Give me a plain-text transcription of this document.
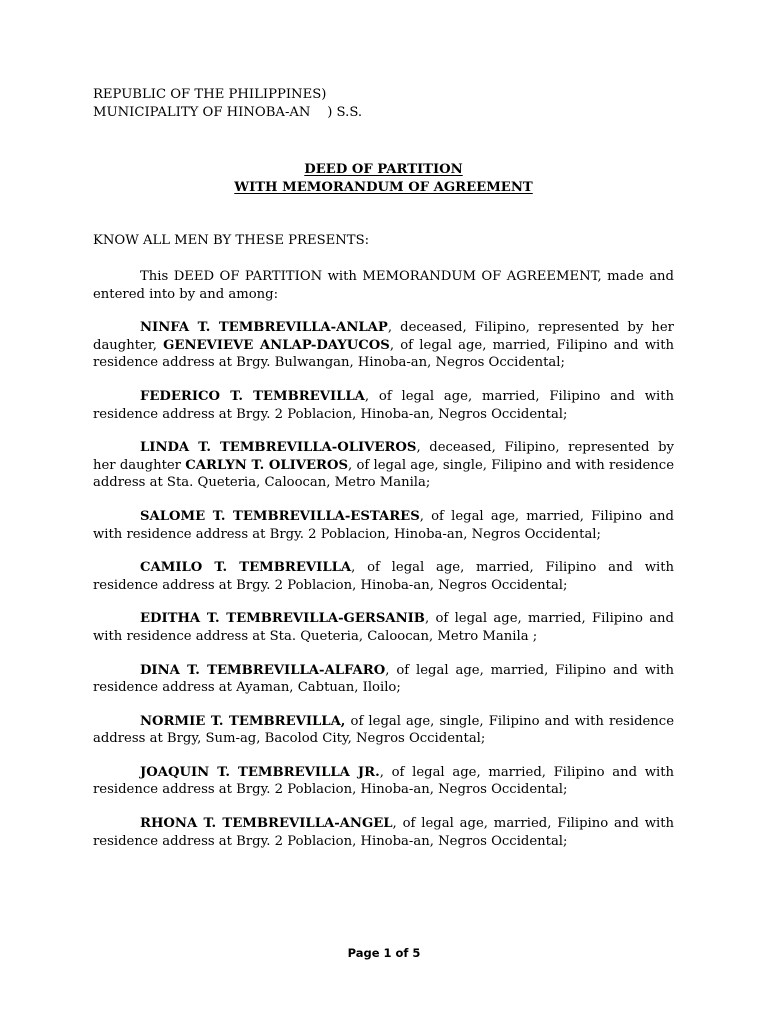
REPUBLIC OF THE PHILIPPINES)
MUNICIPALITY OF HINOBA-AN    ) S.S.
DEED OF PARTITION
WITH MEMORANDUM OF AGREEMENT
KNOW ALL MEN BY THESE PRESENTS:

This DEED OF PARTITION with MEMORANDUM OF AGREEMENT, made and entered into by and among:

NINFA T. TEMBREVILLA-ANLAP, deceased, Filipino, represented by her daughter, GENEVIEVE ANLAP-DAYUCOS, of legal age, married, Filipino and with residence address at Brgy. Bulwangan, Hinoba-an, Negros Occidental;

FEDERICO T. TEMBREVILLA, of legal age, married, Filipino and with residence address at Brgy. 2 Poblacion, Hinoba-an, Negros Occidental;

LINDA T. TEMBREVILLA-OLIVEROS, deceased, Filipino, represented by her daughter CARLYN T. OLIVEROS, of legal age, single, Filipino and with residence address at Sta. Queteria, Caloocan, Metro Manila;

SALOME T. TEMBREVILLA-ESTARES, of legal age, married, Filipino and with residence address at Brgy. 2 Poblacion, Hinoba-an, Negros Occidental;

CAMILO T. TEMBREVILLA, of legal age, married, Filipino and with residence address at Brgy. 2 Poblacion, Hinoba-an, Negros Occidental;

EDITHA T. TEMBREVILLA-GERSANIB, of legal age, married, Filipino and with residence address at Sta. Queteria, Caloocan, Metro Manila ;

DINA T. TEMBREVILLA-ALFARO, of legal age, married, Filipino and with residence address at Ayaman, Cabtuan, Iloilo;

NORMIE T. TEMBREVILLA, of legal age, single, Filipino and with residence address at Brgy, Sum-ag, Bacolod City, Negros Occidental;

JOAQUIN T. TEMBREVILLA JR., of legal age, married, Filipino and with residence address at Brgy. 2 Poblacion, Hinoba-an, Negros Occidental;

RHONA T. TEMBREVILLA-ANGEL, of legal age, married, Filipino and with residence address at Brgy. 2 Poblacion, Hinoba-an, Negros Occidental;

Page 1 of 5
